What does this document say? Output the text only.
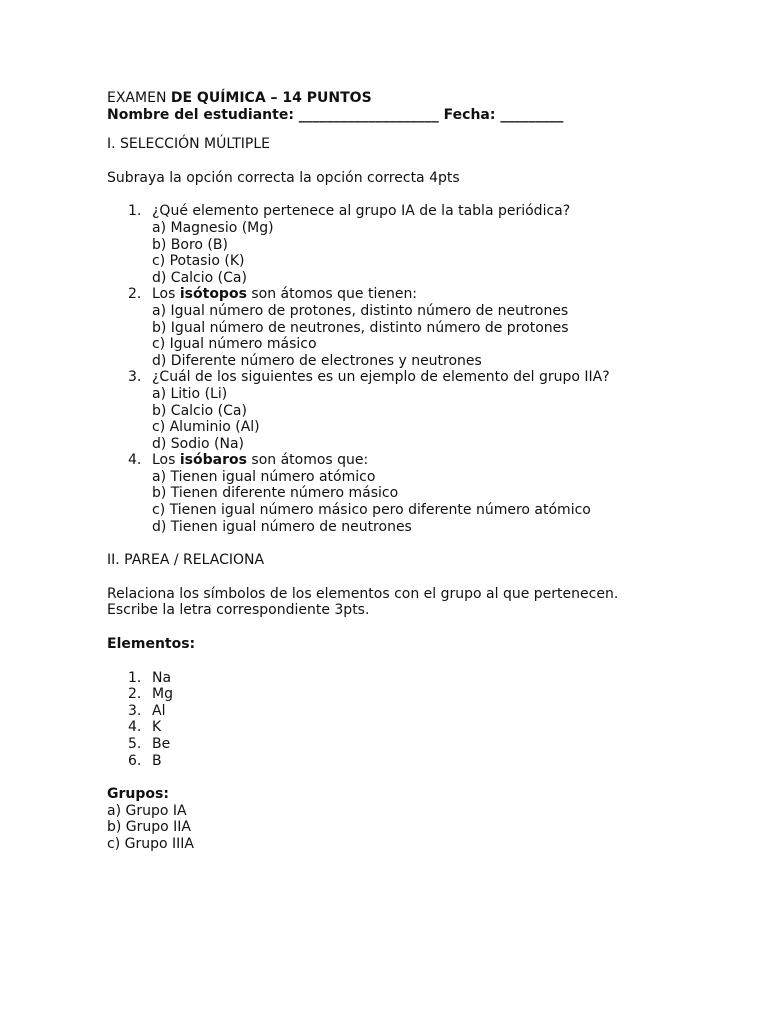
EXAMEN DE QUÍMICA – 14 PUNTOS
Nombre del estudiante: ____________________ Fecha: _________
I. SELECCIÓN MÚLTIPLE
Subraya la opción correcta la opción correcta 4pts
1. ¿Qué elemento pertenece al grupo IA de la tabla periódica?
a) Magnesio (Mg)
b) Boro (B)
c) Potasio (K)
d) Calcio (Ca)
2. Los isótopos son átomos que tienen:
a) Igual número de protones, distinto número de neutrones
b) Igual número de neutrones, distinto número de protones
c) Igual número másico
d) Diferente número de electrones y neutrones
3. ¿Cuál de los siguientes es un ejemplo de elemento del grupo IIA?
a) Litio (Li)
b) Calcio (Ca)
c) Aluminio (Al)
d) Sodio (Na)
4. Los isóbaros son átomos que:
a) Tienen igual número atómico
b) Tienen diferente número másico
c) Tienen igual número másico pero diferente número atómico
d) Tienen igual número de neutrones
II. PAREA / RELACIONA
Relaciona los símbolos de los elementos con el grupo al que pertenecen.
Escribe la letra correspondiente 3pts.
Elementos:
1. Na
2. Mg
3. Al
4. K
5. Be
6. B
Grupos:
a) Grupo IA
b) Grupo IIA
c) Grupo IIIA
